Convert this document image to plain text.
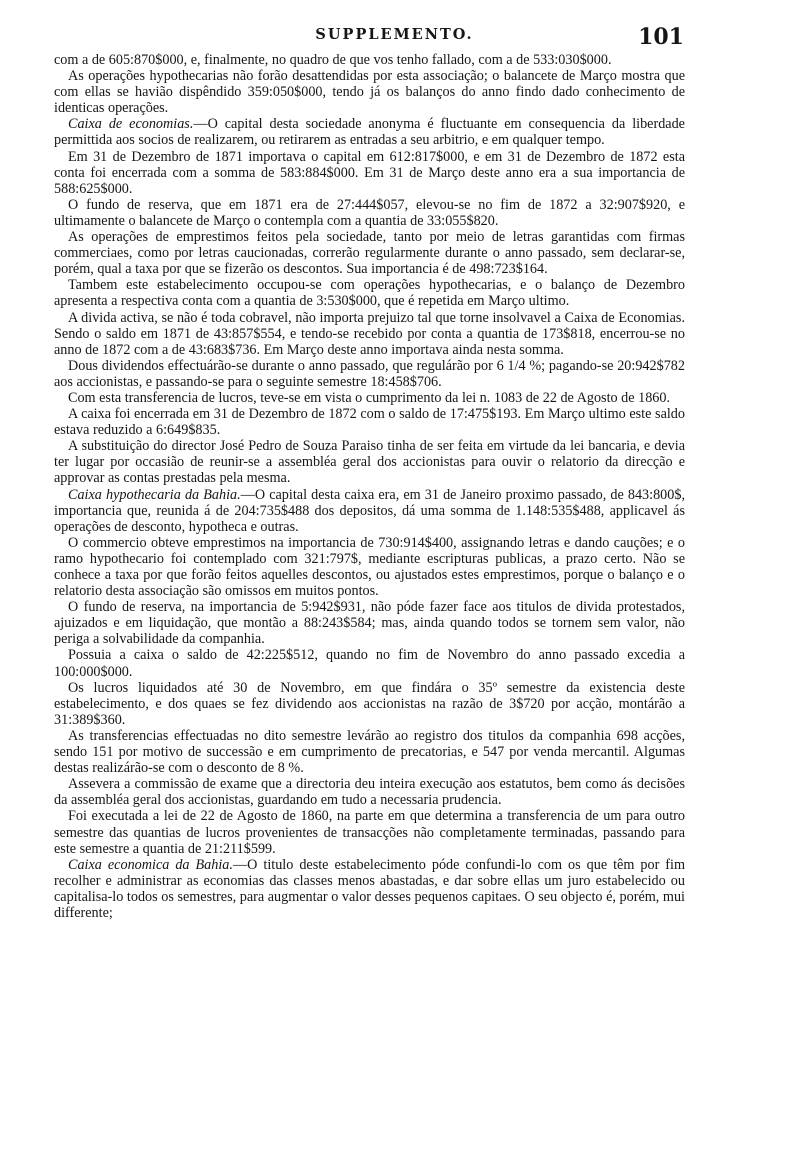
SUPPLEMENTO.	101

com a de 605:870$000, e, finalmente, no quadro de que vos tenho fallado, com a de 533:030$000.

As operações hypothecarias não forão desattendidas por esta associação; o balancete de Março mostra que com ellas se havião dispêndido 359:050$000, tendo já os balanços do anno findo dado conhecimento de identicas operações.

Caixa de economias.—O capital desta sociedade anonyma é fluctuante em consequencia da liberdade permittida aos socios de realizarem, ou retirarem as entradas a seu arbitrio, e em qualquer tempo.

Em 31 de Dezembro de 1871 importava o capital em 612:817$000, e em 31 de Dezembro de 1872 esta conta foi encerrada com a somma de 583:884$000. Em 31 de Março deste anno era a sua importancia de 588:625$000.

O fundo de reserva, que em 1871 era de 27:444$057, elevou-se no fim de 1872 a 32:907$920, e ultimamente o balancete de Março o contempla com a quantia de 33:055$820.

As operações de emprestimos feitos pela sociedade, tanto por meio de letras garantidas com firmas commerciaes, como por letras caucionadas, correrão regularmente durante o anno passado, sem declarar-se, porém, qual a taxa por que se fizerão os descontos. Sua importancia é de 498:723$164.

Tambem este estabelecimento occupou-se com operações hypothecarias, e o balanço de Dezembro apresenta a respectiva conta com a quantia de 3:530$000, que é repetida em Março ultimo.

A divida activa, se não é toda cobravel, não importa prejuizo tal que torne insolvavel a Caixa de Economias. Sendo o saldo em 1871 de 43:857$554, e tendo-se recebido por conta a quantia de 173$818, encerrou-se no anno de 1872 com a de 43:683$736. Em Março deste anno importava ainda nesta somma.

Dous dividendos effectuárão-se durante o anno passado, que regulárão por 6 1/4 %; pagando-se 20:942$782 aos accionistas, e passando-se para o seguinte semestre 18:458$706.

Com esta transferencia de lucros, teve-se em vista o cumprimento da lei n. 1083 de 22 de Agosto de 1860.

A caixa foi encerrada em 31 de Dezembro de 1872 com o saldo de 17:475$193. Em Março ultimo este saldo estava reduzido a 6:649$835.

A substituição do director José Pedro de Souza Paraiso tinha de ser feita em virtude da lei bancaria, e devia ter lugar por occasião de reunir-se a assembléa geral dos accionistas para ouvir o relatorio da direcção e approvar as contas prestadas pela mesma.

Caixa hypothecaria da Bahia.—O capital desta caixa era, em 31 de Janeiro proximo passado, de 843:800$, importancia que, reunida á de 204:735$488 dos depositos, dá uma somma de 1.148:535$488, applicavel ás operações de desconto, hypotheca e outras.

O commercio obteve emprestimos na importancia de 730:914$400, assignando letras e dando cauções; e o ramo hypothecario foi contemplado com 321:797$, mediante escripturas publicas, a prazo certo. Não se conhece a taxa por que forão feitos aquelles descontos, ou ajustados estes emprestimos, porque o balanço e o relatorio desta associação são omissos em muitos pontos.

O fundo de reserva, na importancia de 5:942$931, não póde fazer face aos titulos de divida protestados, ajuizados e em liquidação, que montão a 88:243$584; mas, ainda quando todos se tornem sem valor, não periga a solvabilidade da companhia.

Possuia a caixa o saldo de 42:225$512, quando no fim de Novembro do anno passado excedia a 100:000$000.

Os lucros liquidados até 30 de Novembro, em que findára o 35º semestre da existencia deste estabelecimento, e dos quaes se fez dividendo aos accionistas na razão de 3$720 por acção, montárão a 31:389$360.

As transferencias effectuadas no dito semestre levárão ao registro dos titulos da companhia 698 acções, sendo 151 por motivo de successão e em cumprimento de precatorias, e 547 por venda mercantil. Algumas destas realizárão-se com o desconto de 8 %.

Assevera a commissão de exame que a directoria deu inteira execução aos estatutos, bem como ás decisões da assembléa geral dos accionistas, guardando em tudo a necessaria prudencia.

Foi executada a lei de 22 de Agosto de 1860, na parte em que determina a transferencia de um para outro semestre das quantias de lucros provenientes de transacções não completamente terminadas, passando para este semestre a quantia de 21:211$599.

Caixa economica da Bahia.—O titulo deste estabelecimento póde confundi-lo com os que têm por fim recolher e administrar as economias das classes menos abastadas, e dar sobre ellas um juro estabelecido ou capitalisa-lo todos os semestres, para augmentar o valor desses pequenos capitaes. O seu objecto é, porém, mui differente;
